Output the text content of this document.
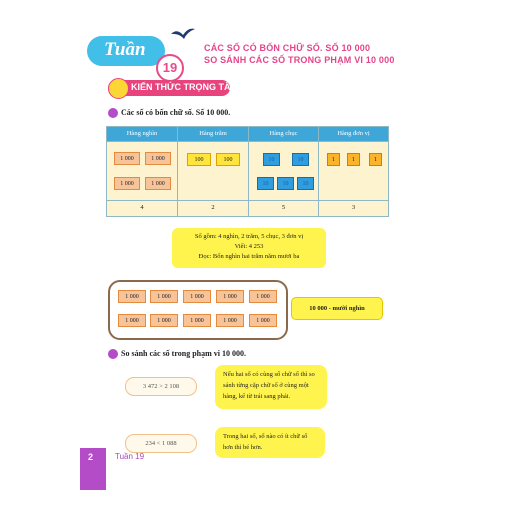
Tuần
19
CÁC SỐ CÓ BỐN CHỮ SỐ. SỐ 10 000
SO SÁNH CÁC SỐ TRONG PHẠM VI 10 000
KIẾN THỨC TRỌNG TÂM
Các số có bốn chữ số. Số 10 000.
Hàng nghìn	Hàng trăm	Hàng chục	Hàng đơn vị
1 000	1 000
1 000	1 000
100	100	10	10
10	10	10
1	1	1
4	2	5	3
Số gồm: 4 nghìn, 2 trăm, 5 chục, 3 đơn vị
Viết: 4 253
Đọc: Bốn nghìn hai trăm năm mươi ba
1 000	1 000	1 000	1 000	1 000
1 000	1 000	1 000	1 000	1 000
10 000 - mười nghìn
So sánh các số trong phạm vi 10 000.
3 472 > 2 108
Nếu hai số có cùng số chữ số thì so sánh từng cặp chữ số ở cùng một hàng, kể từ trái sang phải.
234 < 1 088
Trong hai số, số nào có ít chữ số hơn thì bé hơn.
2	Tuần 19
